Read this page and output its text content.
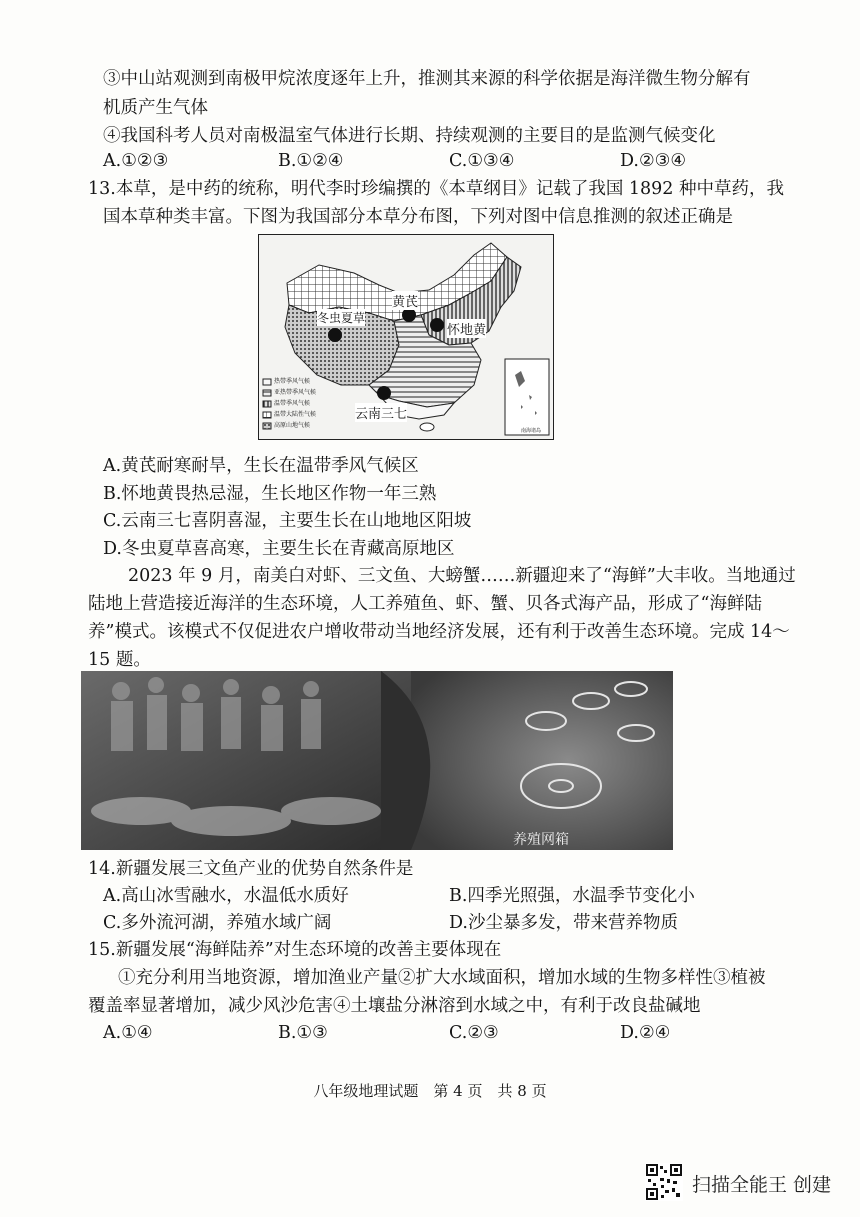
③中山站观测到南极甲烷浓度逐年上升，推测其来源的科学依据是海洋微生物分解有
机质产生气体
④我国科考人员对南极温室气体进行长期、持续观测的主要目的是监测气候变化
A.①②③	B.①②④	C.①③④	D.②③④
13.本草，是中药的统称，明代李时珍编撰的《本草纲目》记载了我国 1892 种中草药，我
国本草种类丰富。下图为我国部分本草分布图，下列对图中信息推测的叙述正确是
黄芪
冬虫夏草
怀地黄
云南三七
热带季风气候
亚热带季风气候
温带季风气候
温带大陆性气候
高原山地气候
南海诸岛
A.黄芪耐寒耐旱，生长在温带季风气候区
B.怀地黄畏热忌湿，生长地区作物一年三熟
C.云南三七喜阴喜湿，主要生长在山地地区阳坡
D.冬虫夏草喜高寒，主要生长在青藏高原地区
2023 年 9 月，南美白对虾、三文鱼、大螃蟹……新疆迎来了“海鲜”大丰收。当地通过
陆地上营造接近海洋的生态环境，人工养殖鱼、虾、蟹、贝各式海产品，形成了“海鲜陆
养”模式。该模式不仅促进农户增收带动当地经济发展，还有利于改善生态环境。完成 14～
15 题。
养殖网箱
14.新疆发展三文鱼产业的优势自然条件是
A.高山冰雪融水，水温低水质好	B.四季光照强，水温季节变化小
C.多外流河湖，养殖水域广阔	D.沙尘暴多发，带来营养物质
15.新疆发展“海鲜陆养”对生态环境的改善主要体现在
①充分利用当地资源，增加渔业产量②扩大水域面积，增加水域的生物多样性③植被
覆盖率显著增加，减少风沙危害④土壤盐分淋溶到水域之中，有利于改良盐碱地
A.①④	B.①③	C.②③	D.②④
八年级地理试题　第 4 页　共 8 页
扫描全能王 创建
